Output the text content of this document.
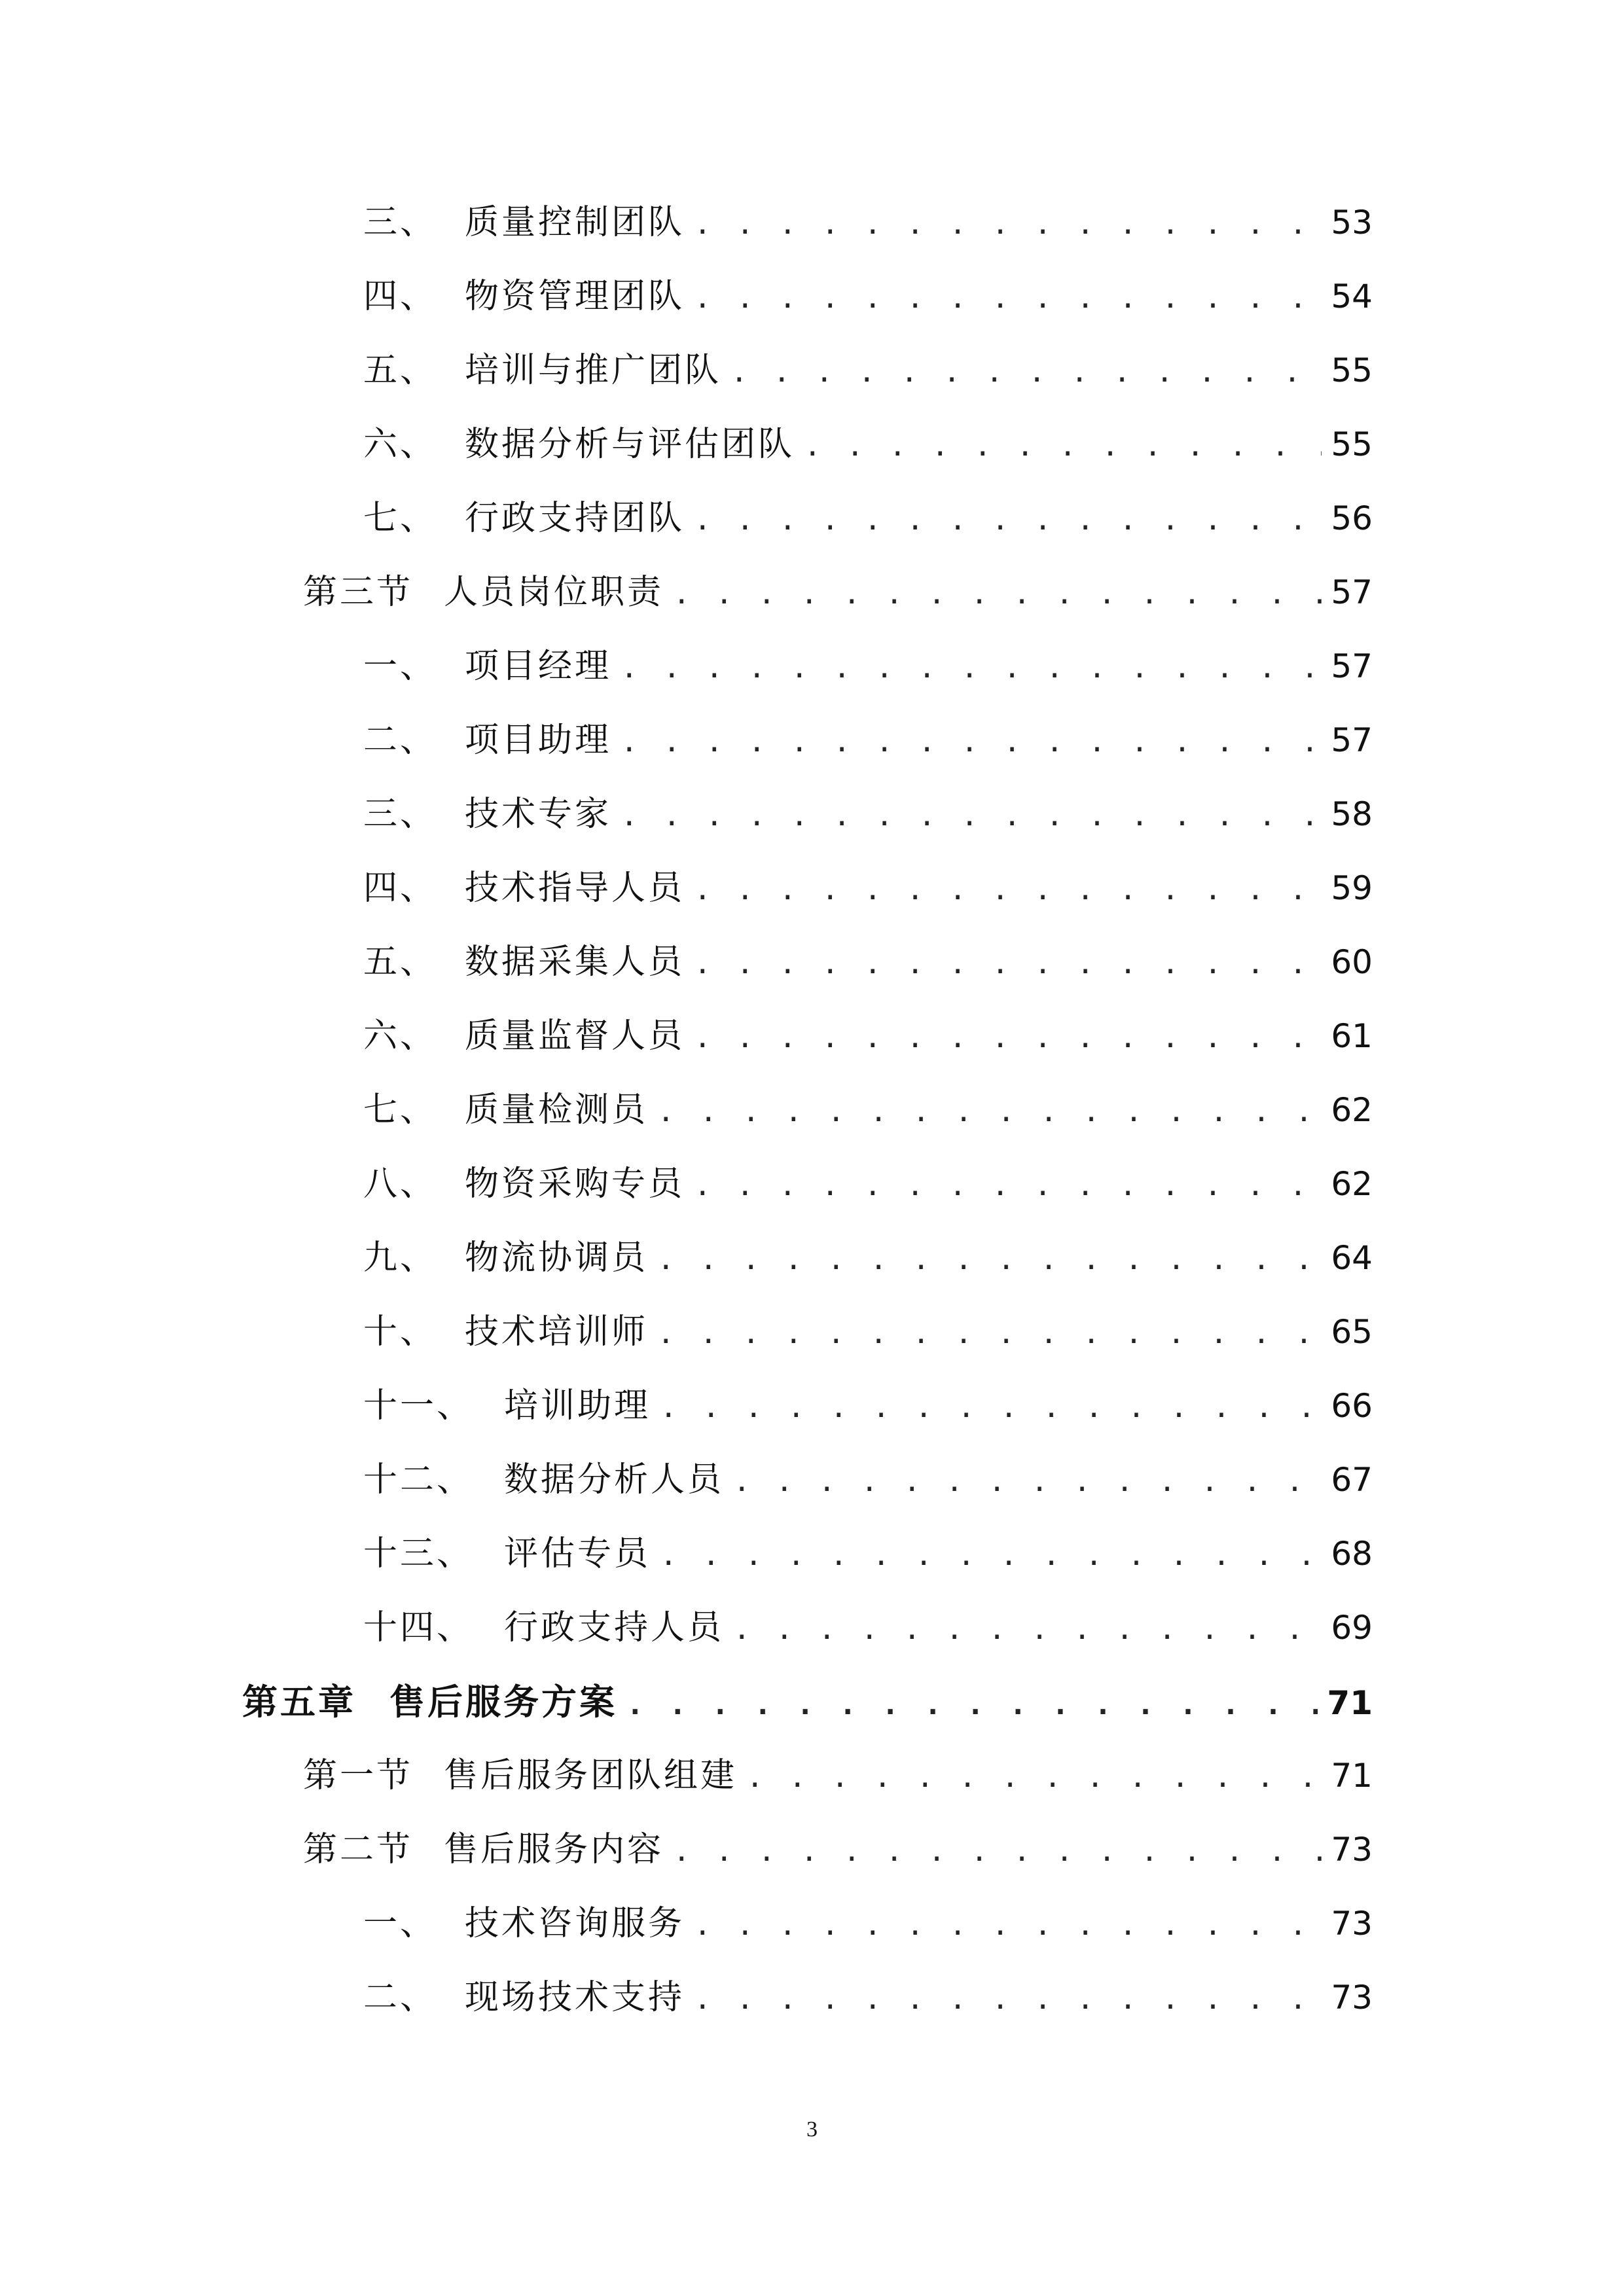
三、 质量控制团队 . . .	53
四、 物资管理团队 . . .	54
五、 培训与推广团队 . . .	55
六、 数据分析与评估团队 . . .	55
七、 行政支持团队 . . .	56
第三节 人员岗位职责 . . .	57
一、 项目经理 . . .	57
二、 项目助理 . . .	57
三、 技术专家 . . .	58
四、 技术指导人员 . . .	59
五、 数据采集人员 . . .	60
六、 质量监督人员 . . .	61
七、 质量检测员 . . .	62
八、 物资采购专员 . . .	62
九、 物流协调员 . . .	64
十、 技术培训师 . . .	65
十一、 培训助理 . . .	66
十二、 数据分析人员 . . .	67
十三、 评估专员 . . .	68
十四、 行政支持人员 . . .	69
第五章 售后服务方案 . . .	71
第一节 售后服务团队组建 . . .	71
第二节 售后服务内容 . . .	73
一、 技术咨询服务 . . .	73
二、 现场技术支持 . . .	73
3
